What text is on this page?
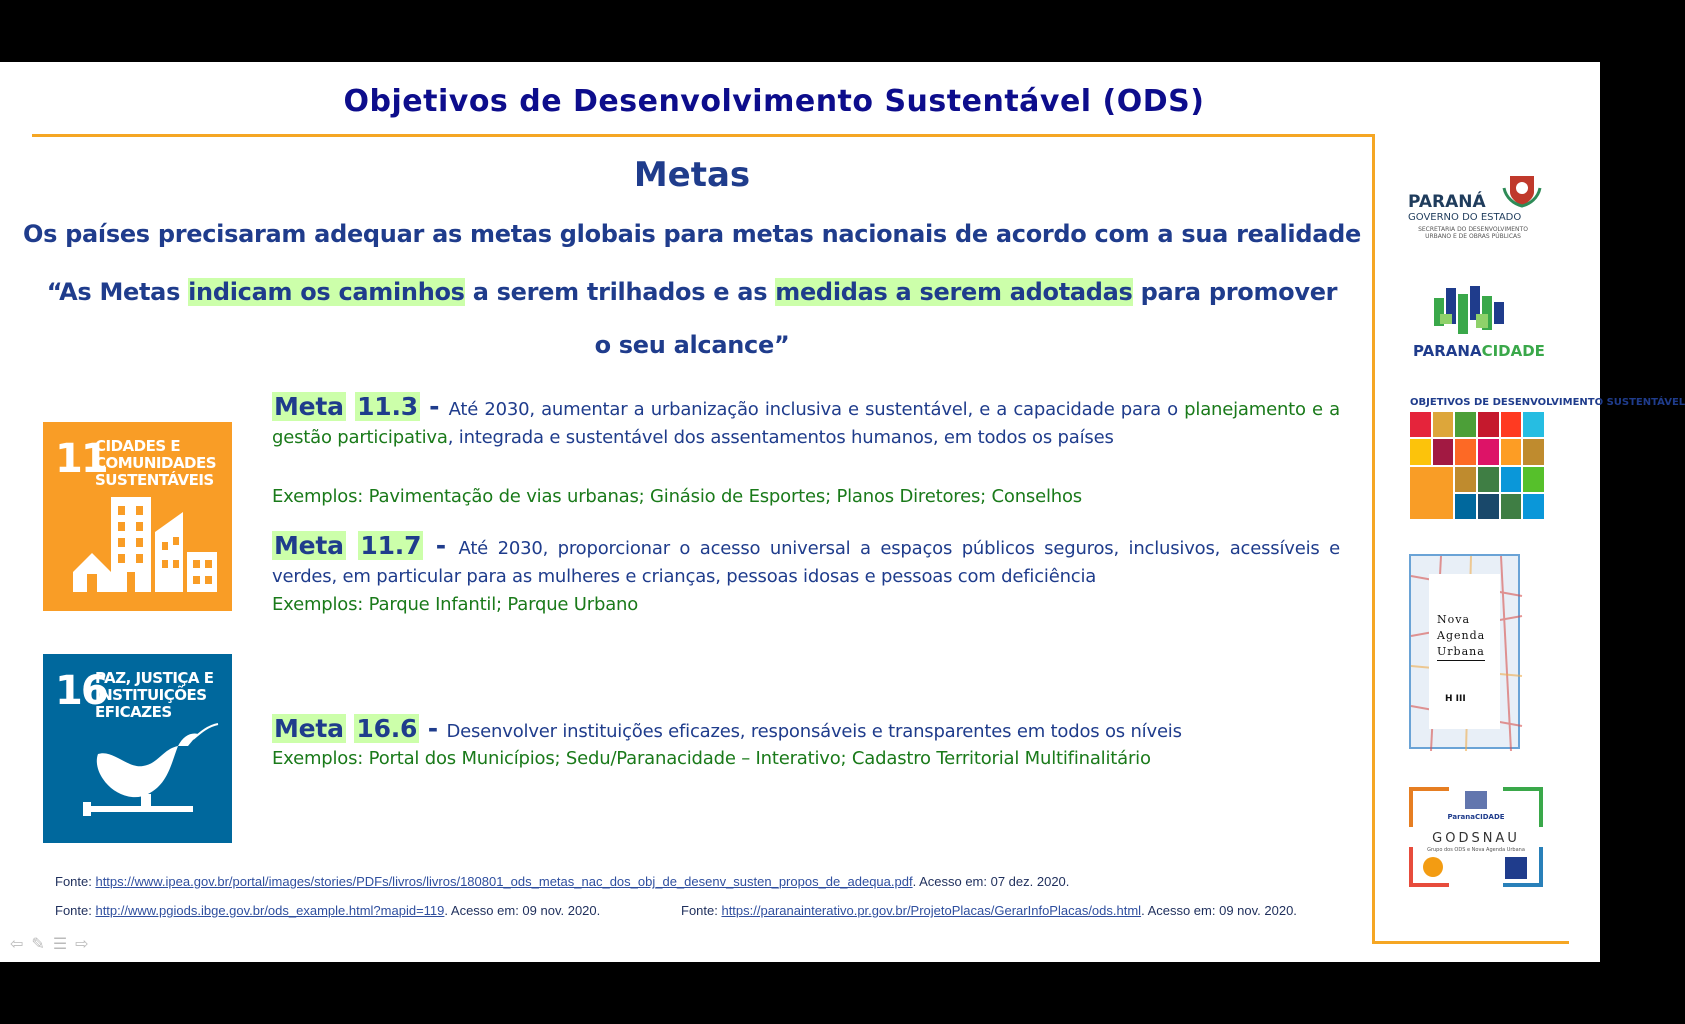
Objetivos de Desenvolvimento Sustentável (ODS)
Metas
Os países precisaram adequar as metas globais para metas nacionais de acordo com a sua realidade
“As Metas indicam os caminhos a serem trilhados e as medidas a serem adotadas para promover o seu alcance”
11
CIDADES E COMUNIDADES SUSTENTÁVEIS
16
PAZ, JUSTIÇA E INSTITUIÇÕES EFICAZES
Meta 11.3 - Até 2030, aumentar a urbanização inclusiva e sustentável, e a capacidade para o planejamento e a gestão participativa, integrada e sustentável dos assentamentos humanos, em todos os países
Exemplos: Pavimentação de vias urbanas; Ginásio de Esportes; Planos Diretores; Conselhos
Meta 11.7 - Até 2030, proporcionar o acesso universal a espaços públicos seguros, inclusivos, acessíveis e verdes, em particular para as mulheres e crianças, pessoas idosas e pessoas com deficiência
Exemplos: Parque Infantil; Parque Urbano
Meta 16.6 - Desenvolver instituições eficazes, responsáveis e transparentes em todos os níveis
Exemplos: Portal dos Municípios; Sedu/Paranacidade – Interativo; Cadastro Territorial Multifinalitário
Fonte: https://www.ipea.gov.br/portal/images/stories/PDFs/livros/livros/180801_ods_metas_nac_dos_obj_de_desenv_susten_propos_de_adequa.pdf. Acesso em: 07 dez. 2020.
Fonte: http://www.pgiods.ibge.gov.br/ods_example.html?mapid=119. Acesso em: 09 nov. 2020.	Fonte: https://paranainterativo.pr.gov.br/ProjetoPlacas/GerarInfoPlacas/ods.html. Acesso em: 09 nov. 2020.
PARANÁ
GOVERNO DO ESTADO
SECRETARIA DO DESENVOLVIMENTO URBANO E DE OBRAS PÚBLICAS
PARANACIDADE
OBJETIVOS DE DESENVOLVIMENTO SUSTENTÁVEL
Nova
Agenda
Urbana
H III
ParanaCIDADE
GODSNAU
Grupo dos ODS e Nova Agenda Urbana
⇦✎☰⇨
